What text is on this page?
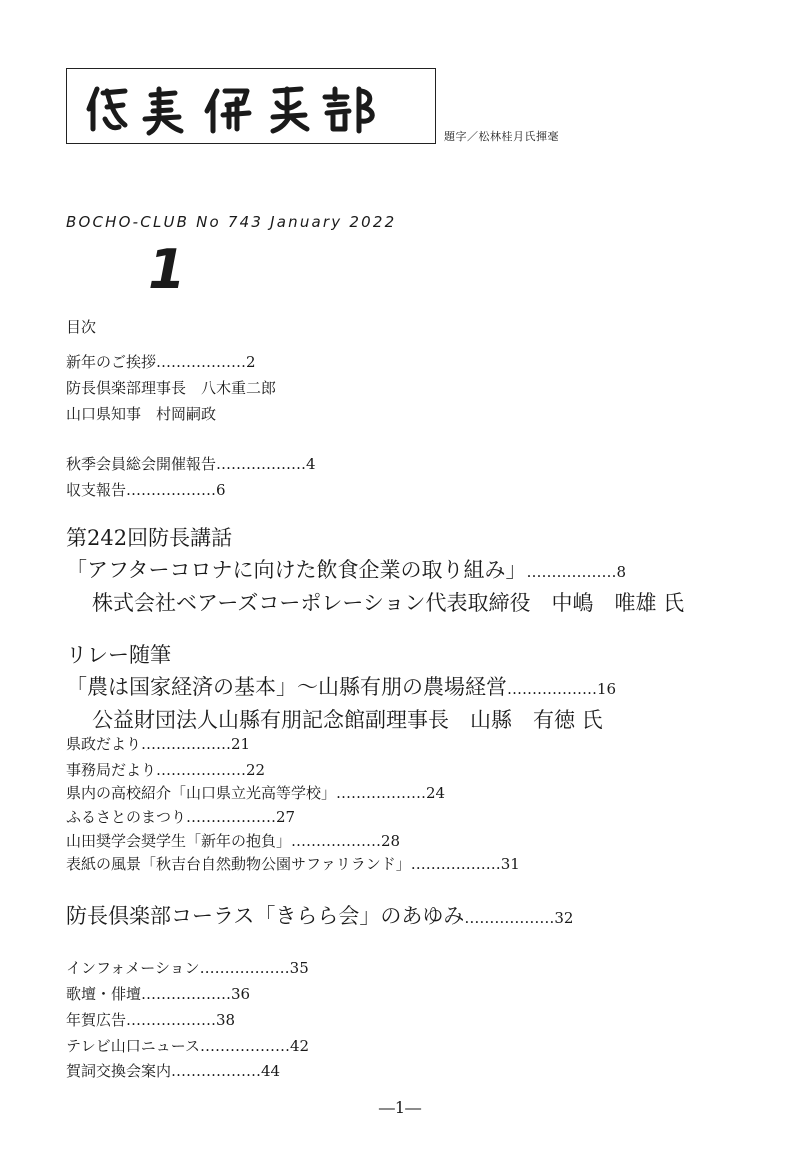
題字／松林桂月氏揮毫
BOCHO-CLUB No 743 January 2022
1
目次
新年のご挨拶………………2
防長倶楽部理事長　八木重二郎
山口県知事　村岡嗣政
秋季会員総会開催報告………………4
収支報告………………6
第242回防長講話
「アフターコロナに向けた飲食企業の取り組み」………………8
株式会社ベアーズコーポレーション代表取締役　中嶋　唯雄 氏
リレー随筆
「農は国家経済の基本」～山縣有朋の農場経営………………16
公益財団法人山縣有朋記念館副理事長　山縣　有徳 氏
県政だより………………21
事務局だより………………22
県内の高校紹介「山口県立光高等学校」………………24
ふるさとのまつり………………27
山田奨学会奨学生「新年の抱負」………………28
表紙の風景「秋吉台自然動物公園サファリランド」………………31
防長倶楽部コーラス「きらら会」のあゆみ………………32
インフォメーション………………35
歌壇・俳壇………………36
年賀広告………………38
テレビ山口ニュース………………42
賀詞交換会案内………………44
―1―
